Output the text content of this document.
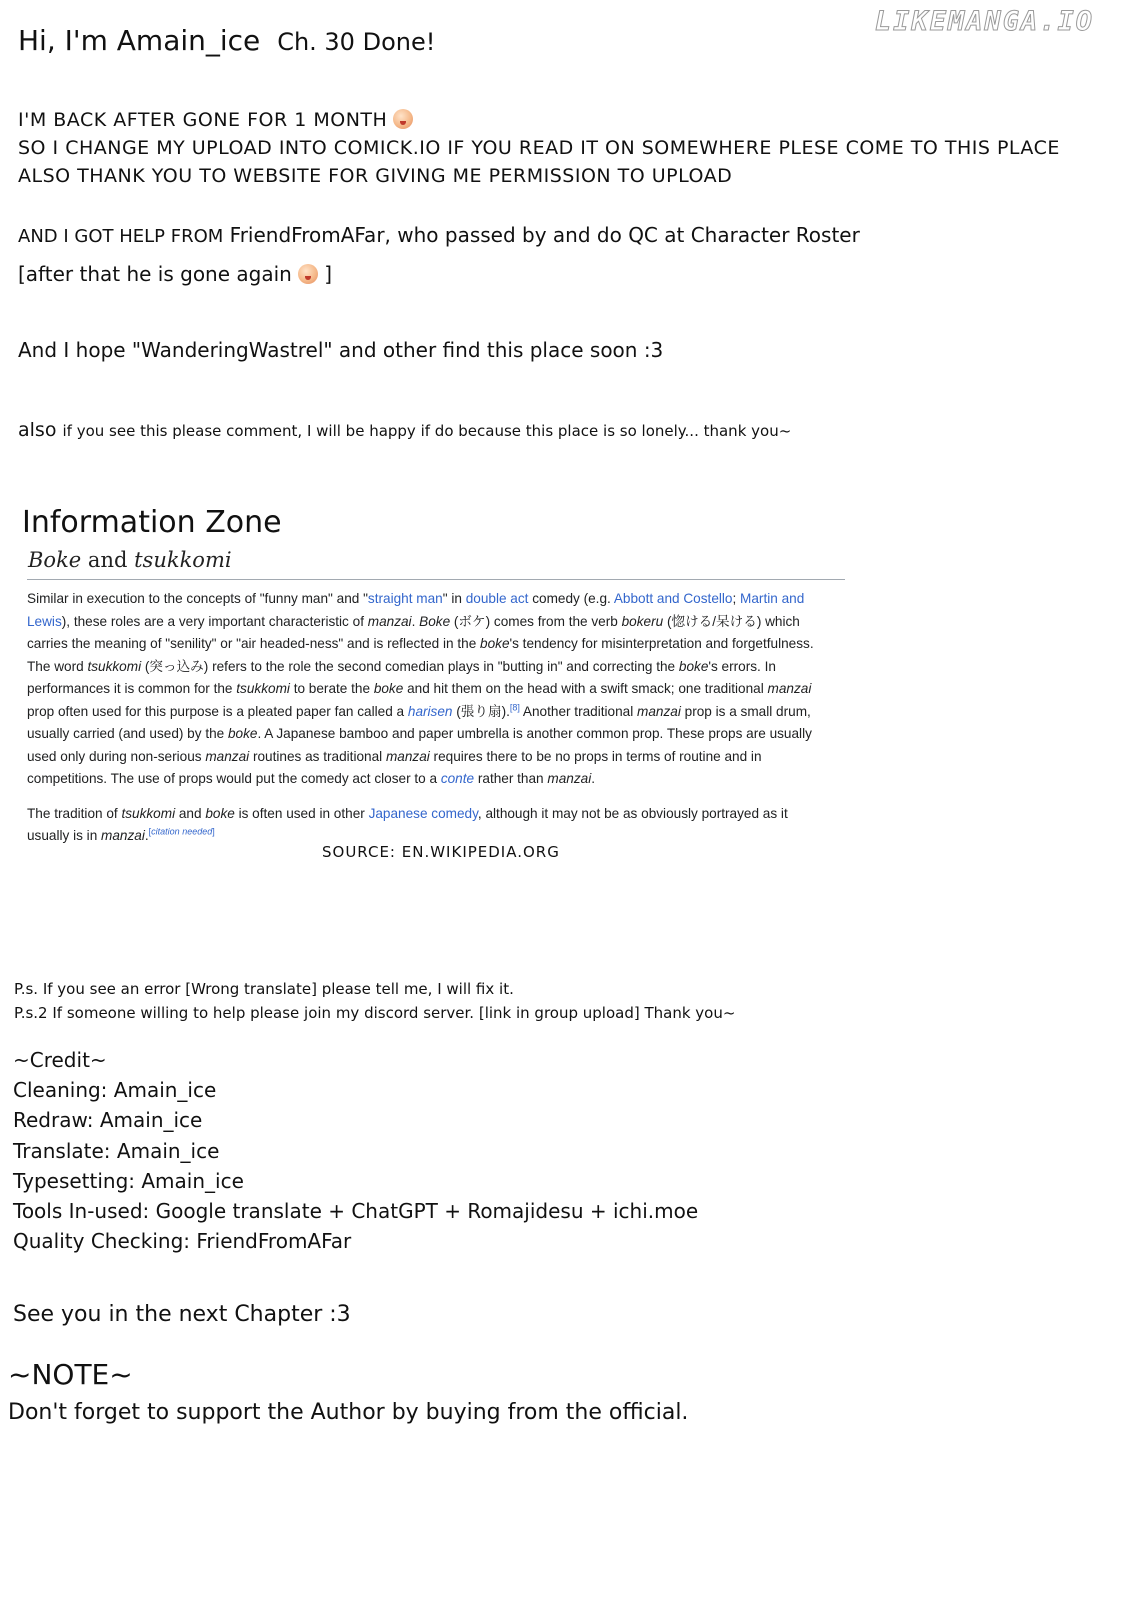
LIKEMANGA.IO
Hi, I'm Amain_ice Ch. 30 Done!
I'M BACK AFTER GONE FOR 1 MONTH
SO I CHANGE MY UPLOAD INTO COMICK.IO IF YOU READ IT ON SOMEWHERE PLESE COME TO THIS PLACE
ALSO THANK YOU TO WEBSITE FOR GIVING ME PERMISSION TO UPLOAD
AND I GOT HELP FROM FriendFromAFar, who passed by and do QC at Character Roster
[after that he is gone again ]
And I hope "WanderingWastrel" and other find this place soon :3
also if you see this please comment, I will be happy if do because this place is so lonely... thank you~
Information Zone
Boke and tsukkomi

Similar in execution to the concepts of "funny man" and "straight man" in double act comedy (e.g. Abbott and Costello; Martin and Lewis), these roles are a very important characteristic of manzai. Boke (ボケ) comes from the verb bokeru (惚ける/呆ける) which carries the meaning of "senility" or "air headed-ness" and is reflected in the boke's tendency for misinterpretation and forgetfulness. The word tsukkomi (突っ込み) refers to the role the second comedian plays in "butting in" and correcting the boke's errors. In performances it is common for the tsukkomi to berate the boke and hit them on the head with a swift smack; one traditional manzai prop often used for this purpose is a pleated paper fan called a harisen (張り扇).[8] Another traditional manzai prop is a small drum, usually carried (and used) by the boke. A Japanese bamboo and paper umbrella is another common prop. These props are usually used only during non-serious manzai routines as traditional manzai requires there to be no props in terms of routine and in competitions. The use of props would put the comedy act closer to a conte rather than manzai.

The tradition of tsukkomi and boke is often used in other Japanese comedy, although it may not be as obviously portrayed as it usually is in manzai.[citation needed]

SOURCE: EN.WIKIPEDIA.ORG
P.s. If you see an error [Wrong translate] please tell me, I will fix it.
P.s.2 If someone willing to help please join my discord server. [link in group upload] Thank you~
~Credit~
Cleaning: Amain_ice
Redraw: Amain_ice
Translate: Amain_ice
Typesetting: Amain_ice
Tools In-used: Google translate + ChatGPT + Romajidesu + ichi.moe
Quality Checking: FriendFromAFar
See you in the next Chapter :3
~NOTE~
Don't forget to support the Author by buying from the official.
